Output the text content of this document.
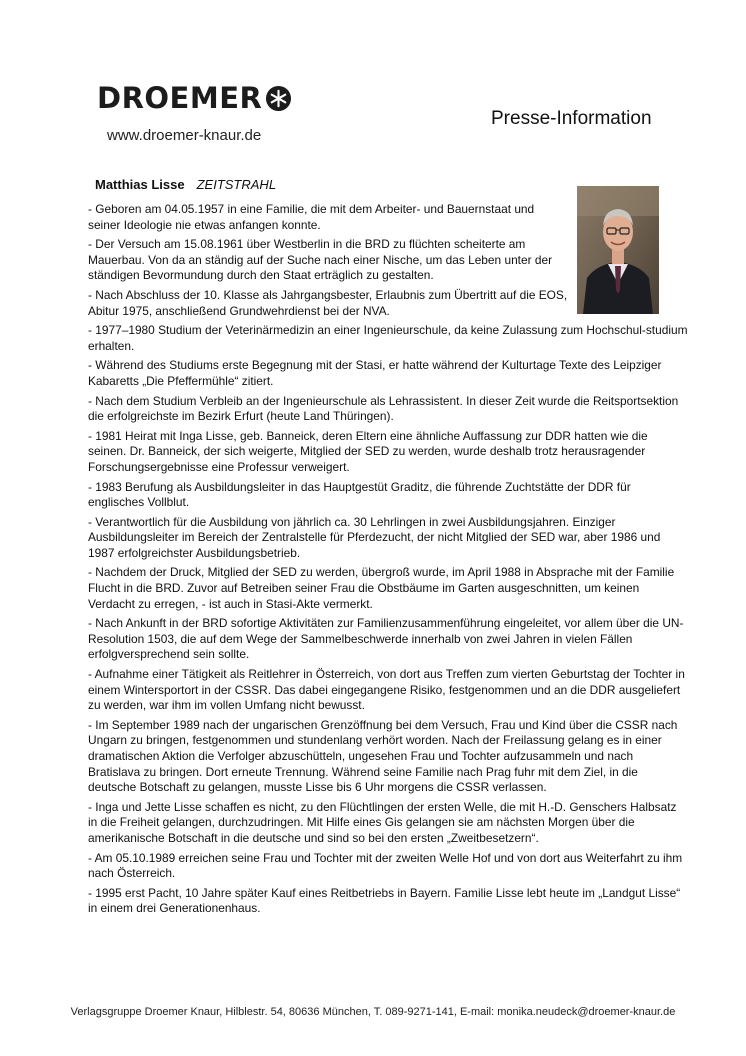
DROEMER
www.droemer-knaur.de
Presse-Information
Matthias Lisse ZEITSTRAHL

- Geboren am 04.05.1957 in eine Familie, die mit dem Arbeiter- und Bauernstaat und seiner Ideologie nie etwas anfangen konnte.

- Der Versuch am 15.08.1961 über Westberlin in die BRD zu flüchten scheiterte am Mauerbau. Von da an ständig auf der Suche nach einer Nische, um das Leben unter der ständigen Bevormundung durch den Staat erträglich zu gestalten.

- Nach Abschluss der 10. Klasse als Jahrgangsbester, Erlaubnis zum Übertritt auf die EOS, Abitur 1975, anschließend Grundwehrdienst bei der NVA.

- 1977–1980 Studium der Veterinärmedizin an einer Ingenieurschule, da keine Zulassung zum Hochschul-studium erhalten.

- Während des Studiums erste Begegnung mit der Stasi, er hatte während der Kulturtage Texte des Leipziger Kabaretts „Die Pfeffermühle“ zitiert.

- Nach dem Studium Verbleib an der Ingenieurschule als Lehrassistent. In dieser Zeit wurde die Reitsportsektion die erfolgreichste im Bezirk Erfurt (heute Land Thüringen).

- 1981 Heirat mit Inga Lisse, geb. Banneick, deren Eltern eine ähnliche Auffassung zur DDR hatten wie die seinen. Dr. Banneick, der sich weigerte, Mitglied der SED zu werden, wurde deshalb trotz herausragender Forschungsergebnisse eine Professur verweigert.

- 1983 Berufung als Ausbildungsleiter in das Hauptgestüt Graditz, die führende Zuchtstätte der DDR für englisches Vollblut.

- Verantwortlich für die Ausbildung von jährlich ca. 30 Lehrlingen in zwei Ausbildungsjahren. Einziger Ausbildungsleiter im Bereich der Zentralstelle für Pferdezucht, der nicht Mitglied der SED war, aber 1986 und 1987 erfolgreichster Ausbildungsbetrieb.

- Nachdem der Druck, Mitglied der SED zu werden, übergroß wurde, im April 1988 in Absprache mit der Familie Flucht in die BRD. Zuvor auf Betreiben seiner Frau die Obstbäume im Garten ausgeschnitten, um keinen Verdacht zu erregen, - ist auch in Stasi-Akte vermerkt.

- Nach Ankunft in der BRD sofortige Aktivitäten zur Familienzusammenführung eingeleitet, vor allem über die UN-Resolution 1503, die auf dem Wege der Sammelbeschwerde innerhalb von zwei Jahren in vielen Fällen erfolgversprechend sein sollte.

- Aufnahme einer Tätigkeit als Reitlehrer in Österreich, von dort aus Treffen zum vierten Geburtstag der Tochter in einem Wintersportort in der CSSR. Das dabei eingegangene Risiko, festgenommen und an die DDR ausgeliefert zu werden, war ihm im vollen Umfang nicht bewusst.

- Im September 1989 nach der ungarischen Grenzöffnung bei dem Versuch, Frau und Kind über die CSSR nach Ungarn zu bringen, festgenommen und stundenlang verhört worden. Nach der Freilassung gelang es in einer dramatischen Aktion die Verfolger abzuschütteln, ungesehen Frau und Tochter aufzusammeln und nach Bratislava zu bringen. Dort erneute Trennung. Während seine Familie nach Prag fuhr mit dem Ziel, in die deutsche Botschaft zu gelangen, musste Lisse bis 6 Uhr morgens die CSSR verlassen.

- Inga und Jette Lisse schaffen es nicht, zu den Flüchtlingen der ersten Welle, die mit H.-D. Genschers Halbsatz in die Freiheit gelangen, durchzudringen. Mit Hilfe eines Gis gelangen sie am nächsten Morgen über die amerikanische Botschaft in die deutsche und sind so bei den ersten „Zweitbesetzern“.

- Am 05.10.1989 erreichen seine Frau und Tochter mit der zweiten Welle Hof und von dort aus Weiterfahrt zu ihm nach Österreich.

- 1995 erst Pacht, 10 Jahre später Kauf eines Reitbetriebs in Bayern. Familie Lisse lebt heute im „Landgut Lisse“ in einem drei Generationenhaus.

Verlagsgruppe Droemer Knaur, Hilblestr. 54, 80636 München, T. 089-9271-141, E-mail: monika.neudeck@droemer-knaur.de
